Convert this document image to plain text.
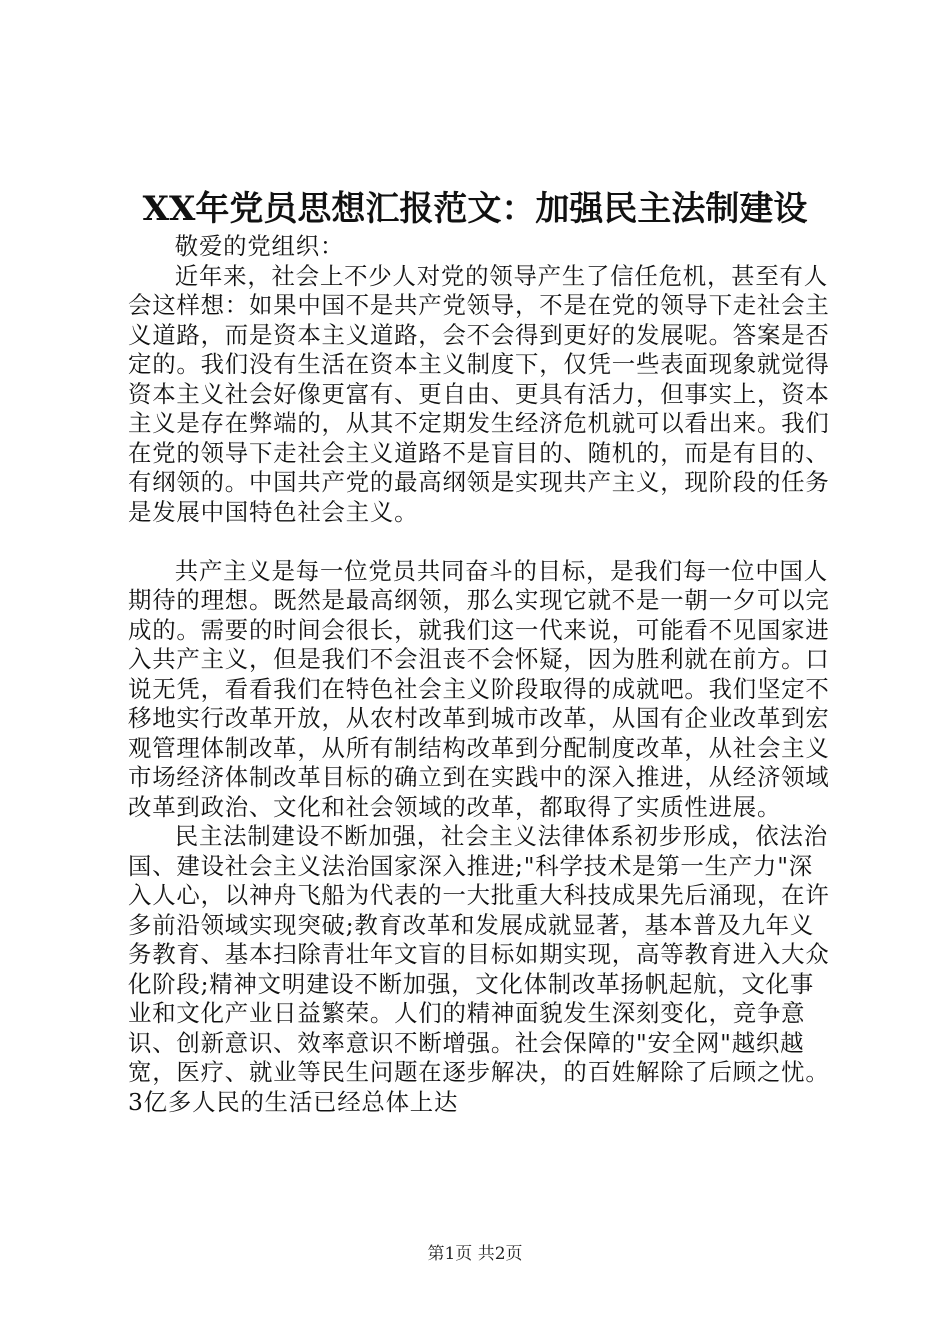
XX年党员思想汇报范文：加强民主法制建设

敬爱的党组织：

近年来，社会上不少人对党的领导产生了信任危机，甚至有人会这样想：如果中国不是共产党领导，不是在党的领导下走社会主义道路，而是资本主义道路，会不会得到更好的发展呢。答案是否定的。我们没有生活在资本主义制度下，仅凭一些表面现象就觉得资本主义社会好像更富有、更自由、更具有活力，但事实上，资本主义是存在弊端的，从其不定期发生经济危机就可以看出来。我们在党的领导下走社会主义道路不是盲目的、随机的，而是有目的、有纲领的。中国共产党的最高纲领是实现共产主义，现阶段的任务是发展中国特色社会主义。

共产主义是每一位党员共同奋斗的目标，是我们每一位中国人期待的理想。既然是最高纲领，那么实现它就不是一朝一夕可以完成的。需要的时间会很长，就我们这一代来说，可能看不见国家进入共产主义，但是我们不会沮丧不会怀疑，因为胜利就在前方。口说无凭，看看我们在特色社会主义阶段取得的成就吧。我们坚定不移地实行改革开放，从农村改革到城市改革，从国有企业改革到宏观管理体制改革，从所有制结构改革到分配制度改革，从社会主义市场经济体制改革目标的确立到在实践中的深入推进，从经济领域改革到政治、文化和社会领域的改革，都取得了实质性进展。

民主法制建设不断加强，社会主义法律体系初步形成，依法治国、建设社会主义法治国家深入推进;"科学技术是第一生产力"深入人心，以神舟飞船为代表的一大批重大科技成果先后涌现，在许多前沿领域实现突破;教育改革和发展成就显著，基本普及九年义务教育、基本扫除青壮年文盲的目标如期实现，高等教育进入大众化阶段;精神文明建设不断加强，文化体制改革扬帆起航，文化事业和文化产业日益繁荣。人们的精神面貌发生深刻变化，竞争意识、创新意识、效率意识不断增强。社会保障的"安全网"越织越宽，医疗、就业等民生问题在逐步解决，的百姓解除了后顾之忧。3亿多人民的生活已经总体上达

第1页 共2页
